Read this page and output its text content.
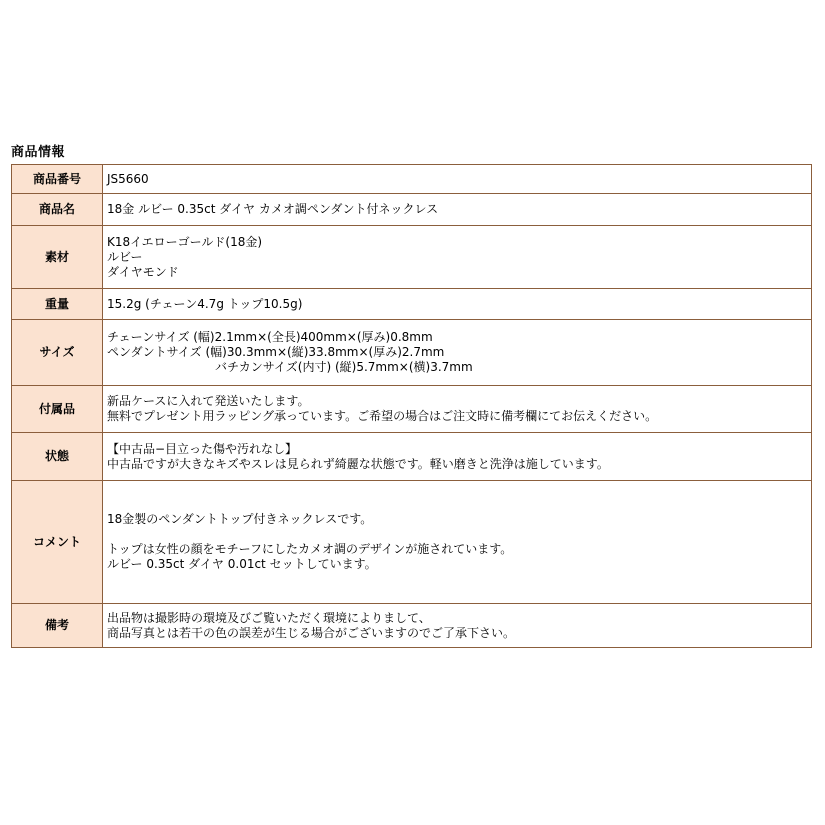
商品情報
商品番号	JS5660

商品名	18金 ルビー 0.35ct ダイヤ カメオ調ペンダント付ネックレス

素材	K18イエローゴールド(18金)
ルビー
ダイヤモンド

重量	15.2g (チェーン4.7g トップ10.5g)

サイズ	チェーンサイズ (幅)2.1mm×(全長)400mm×(厚み)0.8mm
ペンダントサイズ (幅)30.3mm×(縦)33.8mm×(厚み)2.7mm
バチカンサイズ(内寸) (縦)5.7mm×(横)3.7mm

付属品	新品ケースに入れて発送いたします。
無料でプレゼント用ラッピング承っています。ご希望の場合はご注文時に備考欄にてお伝えください。

状態	【中古品−目立った傷や汚れなし】
中古品ですが大きなキズやスレは見られず綺麗な状態です。軽い磨きと洗浄は施しています。

コメント	18金製のペンダントトップ付きネックレスです。
トップは女性の顔をモチーフにしたカメオ調のデザインが施されています。
ルビー 0.35ct ダイヤ 0.01ct セットしています。

備考	出品物は撮影時の環境及びご覧いただく環境によりまして、
商品写真とは若干の色の誤差が生じる場合がございますのでご了承下さい。
